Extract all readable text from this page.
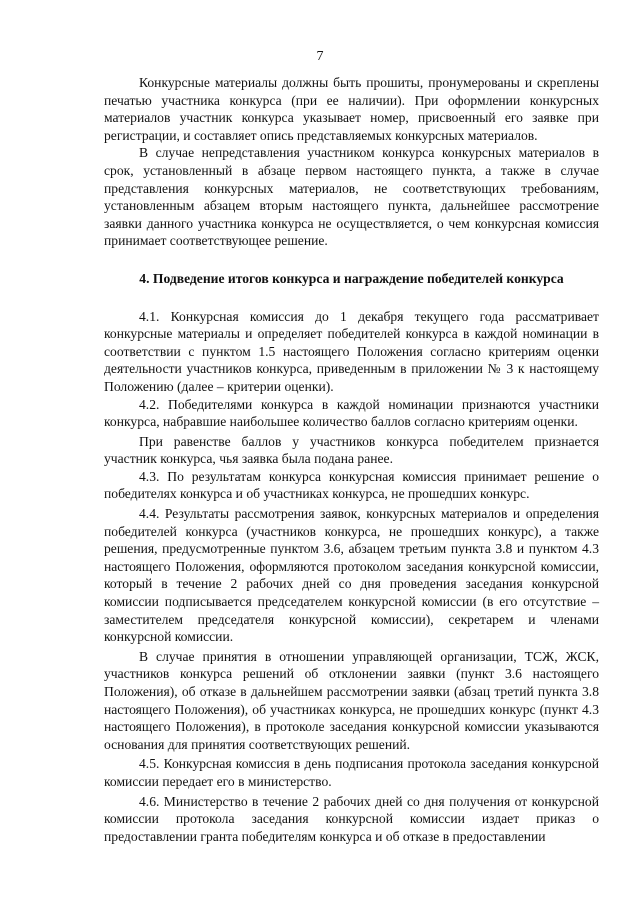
7

Конкурсные материалы должны быть прошиты, пронумерованы и скреплены печатью участника конкурса (при ее наличии). При оформлении конкурсных материалов участник конкурса указывает номер, присвоенный его заявке при регистрации, и составляет опись представляемых конкурсных материалов.

В случае непредставления участником конкурса конкурсных материалов в срок, установленный в абзаце первом настоящего пункта, а также в случае представления конкурсных материалов, не соответствующих требованиям, установленным абзацем вторым настоящего пункта, дальнейшее рассмотрение заявки данного участника конкурса не осуществляется, о чем конкурсная комиссия принимает соответствующее решение.

4. Подведение итогов конкурса и награждение победителей конкурса

4.1. Конкурсная комиссия до 1 декабря текущего года рассматривает конкурсные материалы и определяет победителей конкурса в каждой номинации в соответствии с пунктом 1.5 настоящего Положения согласно критериям оценки деятельности участников конкурса, приведенным в приложении № 3 к настоящему Положению (далее – критерии оценки).

4.2. Победителями конкурса в каждой номинации признаются участники конкурса, набравшие наибольшее количество баллов согласно критериям оценки.

При равенстве баллов у участников конкурса победителем признается участник конкурса, чья заявка была подана ранее.

4.3. По результатам конкурса конкурсная комиссия принимает решение о победителях конкурса и об участниках конкурса, не прошедших конкурс.

4.4. Результаты рассмотрения заявок, конкурсных материалов и определения победителей конкурса (участников конкурса, не прошедших конкурс), а также решения, предусмотренные пунктом 3.6, абзацем третьим пункта 3.8 и пунктом 4.3 настоящего Положения, оформляются протоколом заседания конкурсной комиссии, который в течение 2 рабочих дней со дня проведения заседания конкурсной комиссии подписывается председателем конкурсной комиссии (в его отсутствие – заместителем председателя конкурсной комиссии), секретарем и членами конкурсной комиссии.

В случае принятия в отношении управляющей организации, ТСЖ, ЖСК, участников конкурса решений об отклонении заявки (пункт 3.6 настоящего Положения), об отказе в дальнейшем рассмотрении заявки (абзац третий пункта 3.8 настоящего Положения), об участниках конкурса, не прошедших конкурс (пункт 4.3 настоящего Положения), в протоколе заседания конкурсной комиссии указываются основания для принятия соответствующих решений.

4.5. Конкурсная комиссия в день подписания протокола заседания конкурсной комиссии передает его в министерство.

4.6. Министерство в течение 2 рабочих дней со дня получения от конкурсной комиссии протокола заседания конкурсной комиссии издает приказ о предоставлении гранта победителям конкурса и об отказе в предоставлении
